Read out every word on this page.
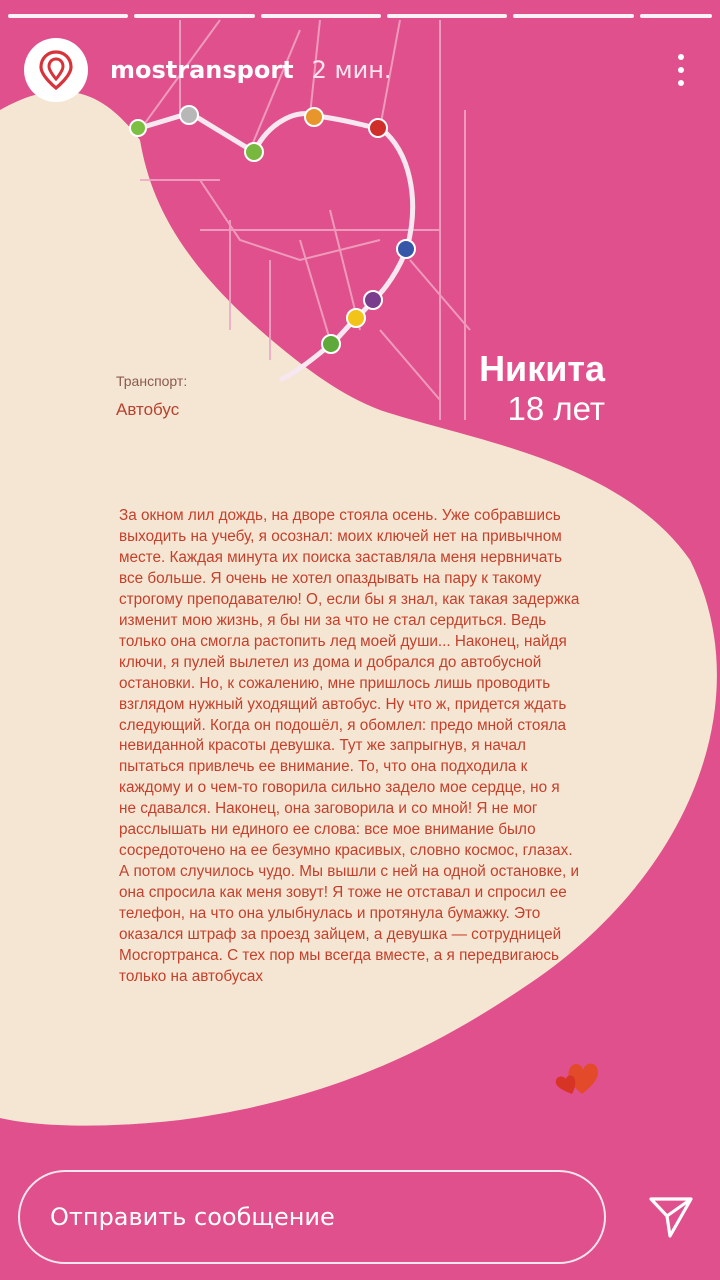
mostransport 2 мин.
Транспорт:
Автобус
Никита
18 лет
За окном лил дождь, на дворе стояла осень. Уже собравшись
выходить на учебу, я осознал: моих ключей нет на привычном
месте. Каждая минута их поиска заставляла меня нервничать
все больше. Я очень не хотел опаздывать на пару к такому
строгому преподавателю! О, если бы я знал, как такая задержка
изменит мою жизнь, я бы ни за что не стал сердиться. Ведь
только она смогла растопить лед моей души... Наконец, найдя
ключи, я пулей вылетел из дома и добрался до автобусной
остановки. Но, к сожалению, мне пришлось лишь проводить
взглядом нужный уходящий автобус. Ну что ж, придется ждать
следующий. Когда он подошёл, я обомлел: предо мной стояла
невиданной красоты девушка. Тут же запрыгнув, я начал
пытаться привлечь ее внимание. То, что она подходила к
каждому и о чем-то говорила сильно задело мое сердце, но я
не сдавался. Наконец, она заговорила и со мной! Я не мог
расслышать ни единого ее слова: все мое внимание было
сосредоточено на ее безумно красивых, словно космос, глазах.
А потом случилось чудо. Мы вышли с ней на одной остановке, и
она спросила как меня зовут! Я тоже не отставал и спросил ее
телефон, на что она улыбнулась и протянула бумажку. Это
оказался штраф за проезд зайцем, а девушка — сотрудницей
Мосгортранса. С тех пор мы всегда вместе, а я передвигаюсь
только на автобусах
Отправить сообщение
